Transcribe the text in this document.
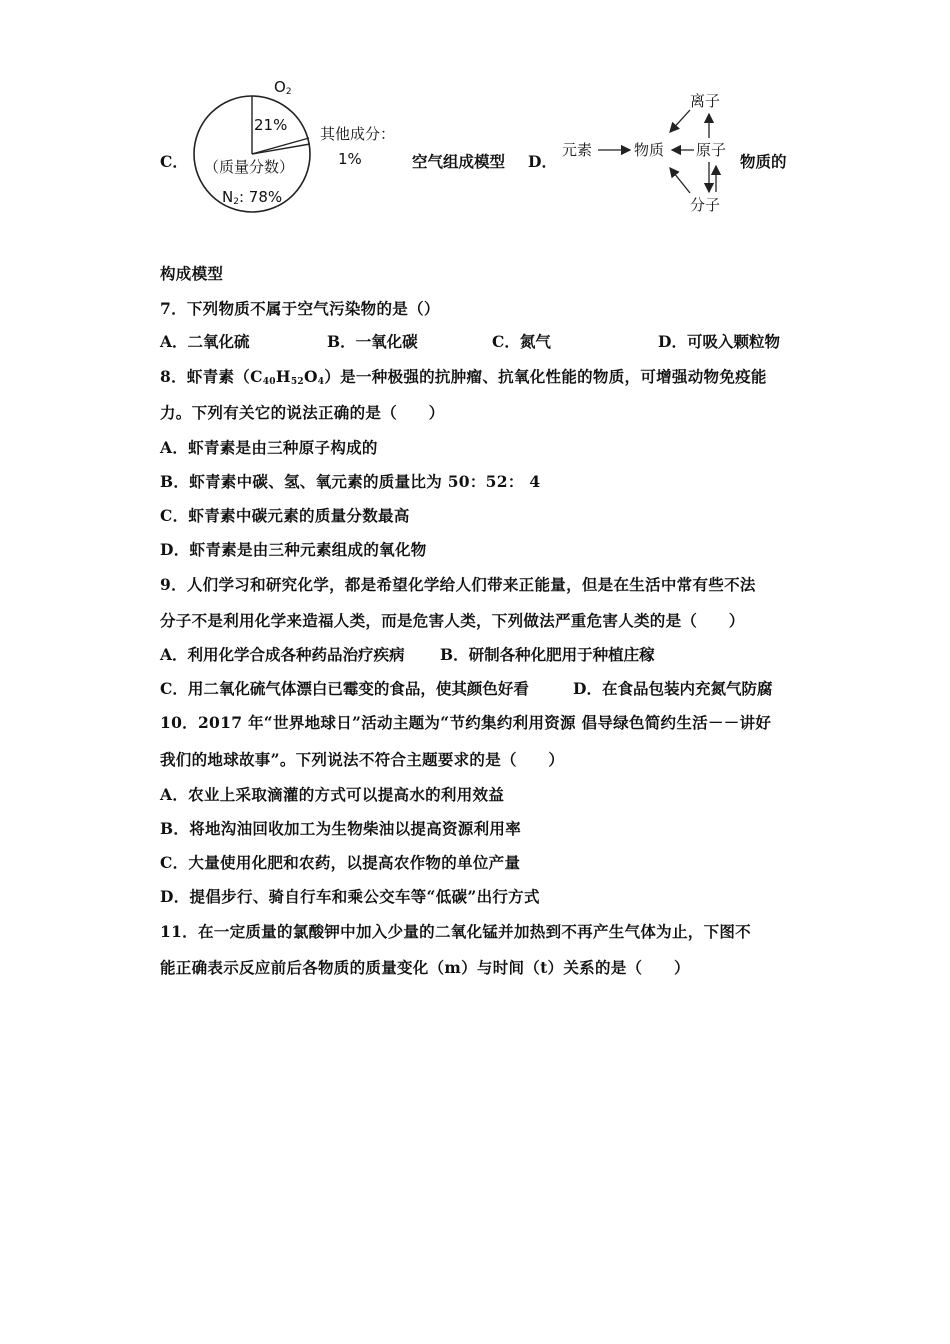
C．
$O_2$
21% 其他成分：
1%
（质量分数）
$N_2$: 78%
空气组成模型 D．
元素	物质
离子
原子
分子
物质的
构成模型
7．下列物质不属于空气污染物的是（）
A．二氧化硫	B．一氧化碳	C．氮气	D．可吸入颗粒物
8．虾青素$(C_{40}H_{52}O_4)$是一种极强的抗肿瘤、抗氧化性能的物质，可增强动物免疫能
力。下列有关它的说法正确的是（　　）
A．虾青素是由三种原子构成的
B．虾青素中碳、氢、氧元素的质量比为 50：52： 4
C．虾青素中碳元素的质量分数最高
D．虾青素是由三种元素组成的氧化物
9．人们学习和研究化学，都是希望化学给人们带来正能量，但是在生活中常有些不法
分子不是利用化学来造福人类，而是危害人类，下列做法严重危害人类的是（　　）
A．利用化学合成各种药品治疗疾病 B．研制各种化肥用于种植庄稼
C．用二氧化硫气体漂白已霉变的食品，使其颜色好看	D．在食品包装内充氮气防腐
10．2017 年“世界地球日”活动主题为“节约集约利用资源 倡导绿色简约生活－－讲好
我们的地球故事”。下列说法不符合主题要求的是（　　）
A．农业上采取滴灌的方式可以提高水的利用效益
B．将地沟油回收加工为生物柴油以提高资源利用率
C．大量使用化肥和农药，以提高农作物的单位产量
D．提倡步行、骑自行车和乘公交车等“低碳”出行方式
11．在一定质量的氯酸钾中加入少量的二氧化锰并加热到不再产生气体为止，下图不
能正确表示反应前后各物质的质量变化（m）与时间（t）关系的是（　　）
